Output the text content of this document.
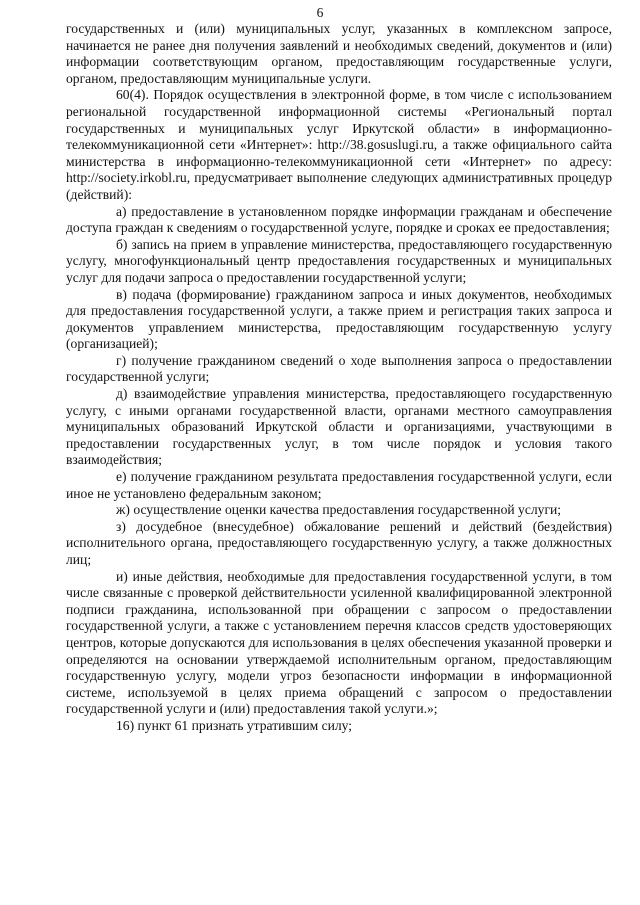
6

государственных и (или) муниципальных услуг, указанных в комплексном запросе, начинается не ранее дня получения заявлений и необходимых сведений, документов и (или) информации соответствующим органом, предоставляющим государственные услуги, органом, предоставляющим муниципальные услуги.

60(4). Порядок осуществления в электронной форме, в том числе с использованием региональной государственной информационной системы «Региональный портал государственных и муниципальных услуг Иркутской области» в информационно-телекоммуникационной сети «Интернет»: http://38.gosuslugi.ru, а также официального сайта министерства в информационно-телекоммуникационной сети «Интернет» по адресу: http://society.irkobl.ru, предусматривает выполнение следующих административных процедур (действий):

а) предоставление в установленном порядке информации гражданам и обеспечение доступа граждан к сведениям о государственной услуге, порядке и сроках ее предоставления;

б) запись на прием в управление министерства, предоставляющего государственную услугу, многофункциональный центр предоставления государственных и муниципальных услуг для подачи запроса о предоставлении государственной услуги;

в) подача (формирование) гражданином запроса и иных документов, необходимых для предоставления государственной услуги, а также прием и регистрация таких запроса и документов управлением министерства, предоставляющим государственную услугу (организацией);

г) получение гражданином сведений о ходе выполнения запроса о предоставлении государственной услуги;

д) взаимодействие управления министерства, предоставляющего государственную услугу, с иными органами государственной власти, органами местного самоуправления муниципальных образований Иркутской области и организациями, участвующими в предоставлении государственных услуг, в том числе порядок и условия такого взаимодействия;

е) получение гражданином результата предоставления государственной услуги, если иное не установлено федеральным законом;

ж) осуществление оценки качества предоставления государственной услуги;

з) досудебное (внесудебное) обжалование решений и действий (бездействия) исполнительного органа, предоставляющего государственную услугу, а также должностных лиц;

и) иные действия, необходимые для предоставления государственной услуги, в том числе связанные с проверкой действительности усиленной квалифицированной электронной подписи гражданина, использованной при обращении с запросом о предоставлении государственной услуги, а также с установлением перечня классов средств удостоверяющих центров, которые допускаются для использования в целях обеспечения указанной проверки и определяются на основании утверждаемой исполнительным органом, предоставляющим государственную услугу, модели угроз безопасности информации в информационной системе, используемой в целях приема обращений с запросом о предоставлении государственной услуги и (или) предоставления такой услуги.»;

16) пункт 61 признать утратившим силу;
